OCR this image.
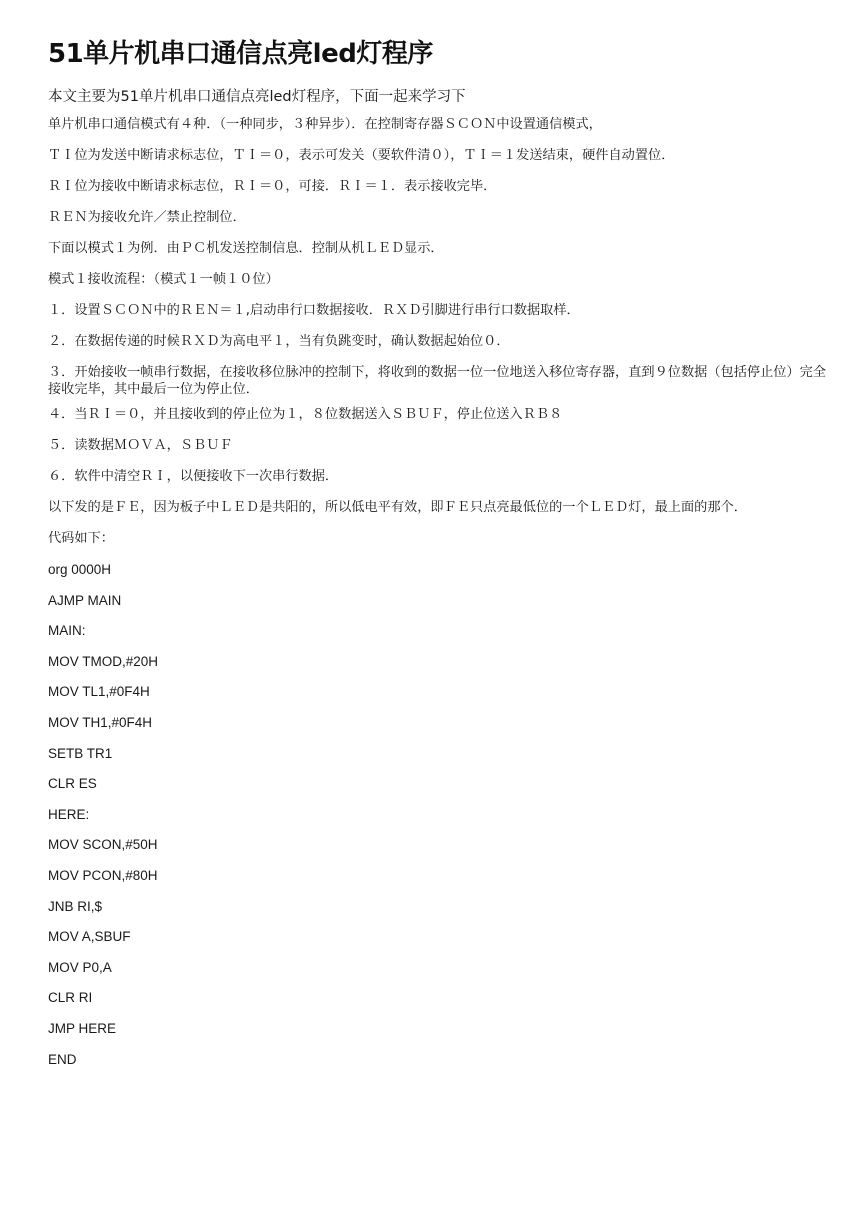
51单片机串口通信点亮led灯程序

本文主要为51单片机串口通信点亮led灯程序，下面一起来学习下

单片机串口通信模式有４种．（一种同步，３种异步）．在控制寄存器ＳＣＯＮ中设置通信模式，

ＴＩ位为发送中断请求标志位，ＴＩ＝０，表示可发关（要软件清０），ＴＩ＝１发送结束，硬件自动置位．

ＲＩ位为接收中断请求标志位，ＲＩ＝０，可接．ＲＩ＝１．表示接收完毕．

ＲＥＮ为接收允许／禁止控制位．

下面以模式１为例．由ＰＣ机发送控制信息．控制从机ＬＥＤ显示．

模式１接收流程：（模式１一帧１０位）

１．设置ＳＣＯＮ中的ＲＥＮ＝１,启动串行口数据接收．ＲＸＤ引脚进行串行口数据取样．

２．在数据传递的时候ＲＸＤ为高电平１，当有负跳变时，确认数据起始位０．

３．开始接收一帧串行数据，在接收移位脉冲的控制下，将收到的数据一位一位地送入移位寄存器，直到９位数据（包括停止位）完全接收完毕，其中最后一位为停止位．

４．当ＲＩ＝０，并且接收到的停止位为１，８位数据送入ＳＢＵＦ，停止位送入ＲＢ８

５．读数据ＭＯＶＡ，ＳＢＵＦ

６．软件中清空ＲＩ，以便接收下一次串行数据．

以下发的是ＦＥ，因为板子中ＬＥＤ是共阳的，所以低电平有效，即ＦＥ只点亮最低位的一个ＬＥＤ灯，最上面的那个．

代码如下：

org 0000H
AJMP MAIN
MAIN:
MOV TMOD,#20H
MOV TL1,#0F4H
MOV TH1,#0F4H
SETB TR1
CLR ES
HERE:
MOV SCON,#50H
MOV PCON,#80H
JNB RI,$
MOV A,SBUF
MOV P0,A
CLR RI
JMP HERE
END
